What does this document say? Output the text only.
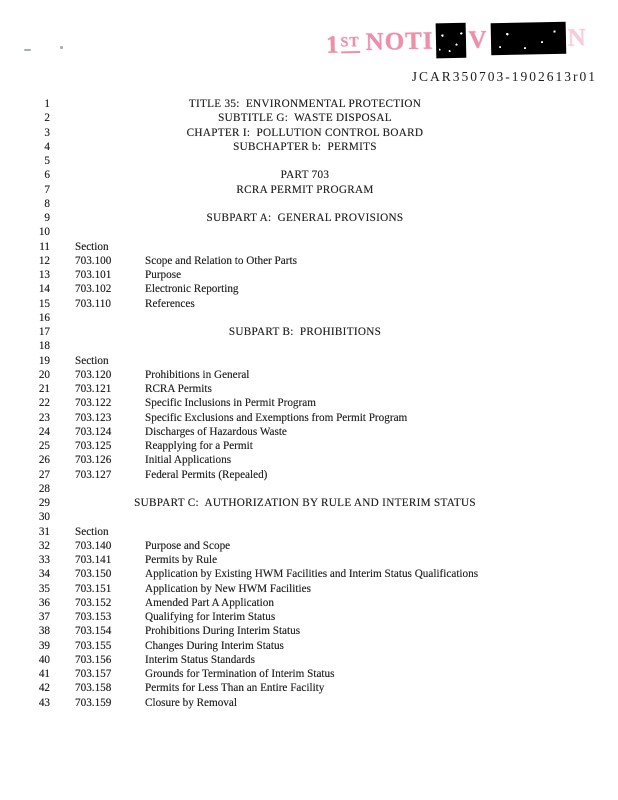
1ST NOTI V	N
JCAR350703-1902613r01
1	TITLE 35:  ENVIRONMENTAL PROTECTION
2	SUBTITLE G:  WASTE DISPOSAL
3	CHAPTER I:  POLLUTION CONTROL BOARD
4	SUBCHAPTER b:  PERMITS
5
6	PART 703
7	RCRA PERMIT PROGRAM
8
9	SUBPART A:  GENERAL PROVISIONS
10
11 Section
12 703.100	Scope and Relation to Other Parts
13 703.101	Purpose
14 703.102	Electronic Reporting
15 703.110	References
16
17	SUBPART B:  PROHIBITIONS
18
19 Section
20 703.120	Prohibitions in General
21 703.121	RCRA Permits
22 703.122	Specific Inclusions in Permit Program
23 703.123	Specific Exclusions and Exemptions from Permit Program
24 703.124	Discharges of Hazardous Waste
25 703.125	Reapplying for a Permit
26 703.126	Initial Applications
27 703.127	Federal Permits (Repealed)
28
29	SUBPART C:  AUTHORIZATION BY RULE AND INTERIM STATUS
30
31 Section
32 703.140	Purpose and Scope
33 703.141	Permits by Rule
34 703.150	Application by Existing HWM Facilities and Interim Status Qualifications
35 703.151	Application by New HWM Facilities
36 703.152	Amended Part A Application
37 703.153	Qualifying for Interim Status
38 703.154	Prohibitions During Interim Status
39 703.155	Changes During Interim Status
40 703.156	Interim Status Standards
41 703.157	Grounds for Termination of Interim Status
42 703.158	Permits for Less Than an Entire Facility
43 703.159	Closure by Removal
